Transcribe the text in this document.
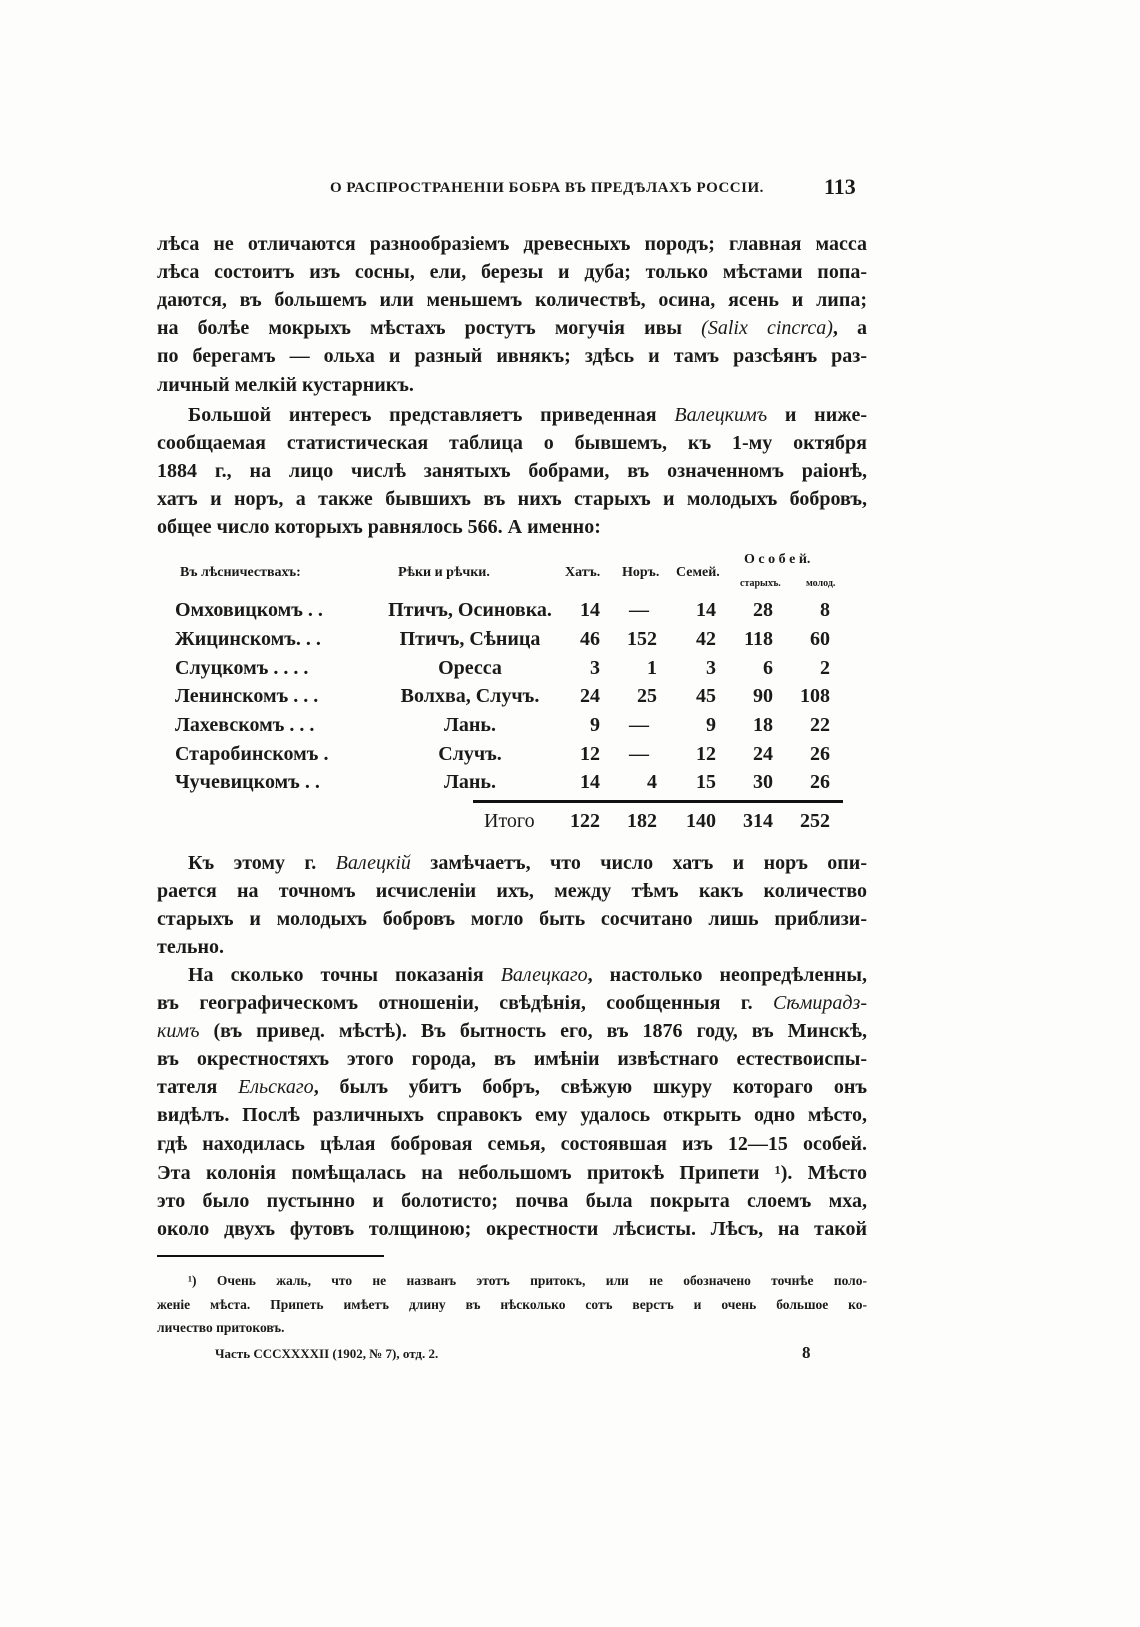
О РАСПРОСТРАНЕНІИ БОБРА ВЪ ПРЕДѢЛАХЪ РОССІИ.	113
лѣса не отличаются разнообразіемъ древесныхъ породъ; главная масса
лѣса состоитъ изъ сосны, ели, березы и дуба; только мѣстами попа-
даются, въ большемъ или меньшемъ количествѣ, осина, ясень и липа;
на болѣе мокрыхъ мѣстахъ ростутъ могучія ивы (Salix cincrca), а
по берегамъ — ольха и разный ивнякъ; здѣсь и тамъ разсѣянъ раз-
личный мелкій кустарникъ.
Большой интересъ представляетъ приведенная Валецкимъ и ниже-
сообщаемая статистическая таблица о бывшемъ, къ 1-му октября
1884 г., на лицо числѣ занятыхъ бобрами, въ означенномъ раіонѣ,
хатъ и норъ, а также бывшихъ въ нихъ старыхъ и молодыхъ бобровъ,
общее число которыхъ равнялось 566. А именно:
Въ лѣсничествахъ:	Рѣки и рѣчки.	Хатъ. Норъ. Семей.
О с о б е й.
старыхъ.	молод.
Омховицкомъ . .	Птичъ, Осиновка.	14	—	14	28	8
Жицинскомъ. . .	Птичъ, Сѣница	46	152	42	118	60
Слуцкомъ . . . .	Оресса	3	1	3	6	2
Ленинскомъ . . .	Волхва, Случъ.	24	25	45	90	108
Лахевскомъ . . .	Лань.	9	—	9	18	22
Старобинскомъ .	Случъ.	12	—	12	24	26
Чучевицкомъ . .	Лань.	14	4	15	30	26
Итого	122	182	140	314	252
Къ этому г. Валецкій замѣчаетъ, что число хатъ и норъ опи-
рается на точномъ исчисленіи ихъ, между тѣмъ какъ количество
старыхъ и молодыхъ бобровъ могло быть сосчитано лишь приблизи-
тельно.
На сколько точны показанія Валецкаго, настолько неопредѣленны,
въ географическомъ отношеніи, свѣдѣнія, сообщенныя г. Сѣмирадз-
кимъ (въ привед. мѣстѣ). Въ бытность его, въ 1876 году, въ Минскѣ,
въ окрестностяхъ этого города, въ имѣніи извѣстнаго естествоиспы-
тателя Ельскаго, былъ убитъ бобръ, свѣжую шкуру котораго онъ
видѣлъ. Послѣ различныхъ справокъ ему удалось открыть одно мѣсто,
гдѣ находилась цѣлая бобровая семья, состоявшая изъ 12—15 особей.
Эта колонія помѣщалась на небольшомъ притокѣ Припети ¹). Мѣсто
это было пустынно и болотисто; почва была покрыта слоемъ мха,
около двухъ футовъ толщиною; окрестности лѣсисты. Лѣсъ, на такой
¹) Очень жаль, что не названъ этотъ притокъ, или не обозначено точнѣе поло-
женіе мѣста. Припеть имѣетъ длину въ нѣсколько сотъ верстъ и очень большое ко-
личество притоковъ.
Часть CCCXXXXII (1902, № 7), отд. 2.	8
